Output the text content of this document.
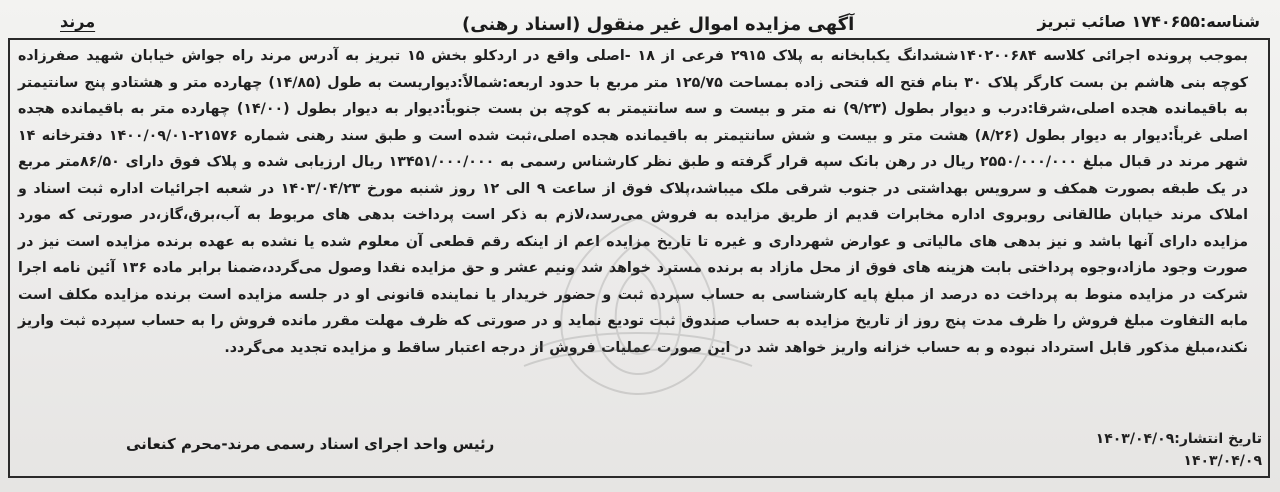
شناسه:۱۷۴۰۶۵۵ صائب تبریز
آگهی مزایده اموال غیر منقول (اسناد رهنی)
مرند
بموجب پرونده اجرائی کلاسه ۱۴۰۲۰۰۶۸۴ششدانگ یکبابخانه به پلاک ۲۹۱۵ فرعی از ۱۸ -اصلی واقع در اردکلو بخش ۱۵ تبریز به آدرس مرند راه جواش خیابان شهید صفرزاده کوچه بنی هاشم بن بست کارگر پلاک ۳۰ بنام فتح اله فتحی زاده بمساحت ۱۲۵/۷۵ متر مربع با حدود اربعه:شمالاً:دیواریست به طول (۱۴/۸۵) چهارده متر و هشتادو پنج سانتیمتر به باقیمانده هجده اصلی،شرقا:درب و دیوار بطول (۹/۲۳) نه متر و بیست و سه سانتیمتر به کوچه بن بست جنوباً:دیوار به دیوار بطول (۱۴/۰۰) چهارده متر به باقیمانده هجده اصلی غرباً:دیوار به دیوار بطول (۸/۲۶) هشت متر و بیست و شش سانتیمتر به باقیمانده هجده اصلی،ثبت شده است و طبق سند رهنی شماره ۲۱۵۷۶-۱۴۰۰/۰۹/۰۱ دفترخانه ۱۴ شهر مرند در قبال مبلغ ۲۵۵۰/۰۰۰/۰۰۰ ریال در رهن بانک سپه قرار گرفته و طبق نظر کارشناس رسمی به ۱۳۴۵۱/۰۰۰/۰۰۰ ریال ارزیابی شده و پلاک فوق دارای ۸۶/۵۰متر مربع در یک طبقه بصورت همکف و سرویس بهداشتی در جنوب شرقی ملک میباشد،پلاک فوق از ساعت ۹ الی ۱۲ روز شنبه مورخ ۱۴۰۳/۰۴/۲۳ در شعبه اجرائیات اداره ثبت اسناد و املاک مرند خیابان طالقانی روبروی اداره مخابرات قدیم از طریق مزایده به فروش می‌رسد،لازم به ذکر است پرداخت بدهی های مربوط به آب،برق،گاز،در صورتی که مورد مزایده دارای آنها باشد و نیز بدهی های مالیاتی و عوارض شهرداری و غیره تا تاریخ مزایده اعم از اینکه رقم قطعی آن معلوم شده یا نشده به عهده برنده مزایده است نیز در صورت وجود مازاد،وجوه پرداختی بابت هزینه های فوق از محل مازاد به برنده مسترد خواهد شد ونیم عشر و حق مزایده نقدا وصول می‌گردد،ضمنا برابر ماده ۱۳۶ آئین نامه اجرا شرکت در مزایده منوط به پرداخت ده درصد از مبلغ پایه کارشناسی به حساب سپرده ثبت و حضور خریدار یا نماینده قانونی او در جلسه مزایده است برنده مزایده مکلف است مابه التفاوت مبلغ فروش را ظرف مدت پنج روز از تاریخ مزایده به حساب صندوق ثبت تودیع نماید و در صورتی که ظرف مهلت مقرر مانده فروش را به حساب سپرده ثبت واریز نکند،مبلغ مذکور قابل استرداد نبوده و به حساب خزانه واریز خواهد شد در این صورت عملیات فروش از درجه اعتبار ساقط و مزایده تجدید می‌گردد.
تاریخ انتشار:۱۴۰۳/۰۴/۰۹
۱۴۰۳/۰۴/۰۹
رئیس واحد اجرای اسناد رسمی مرند-محرم کنعانی
